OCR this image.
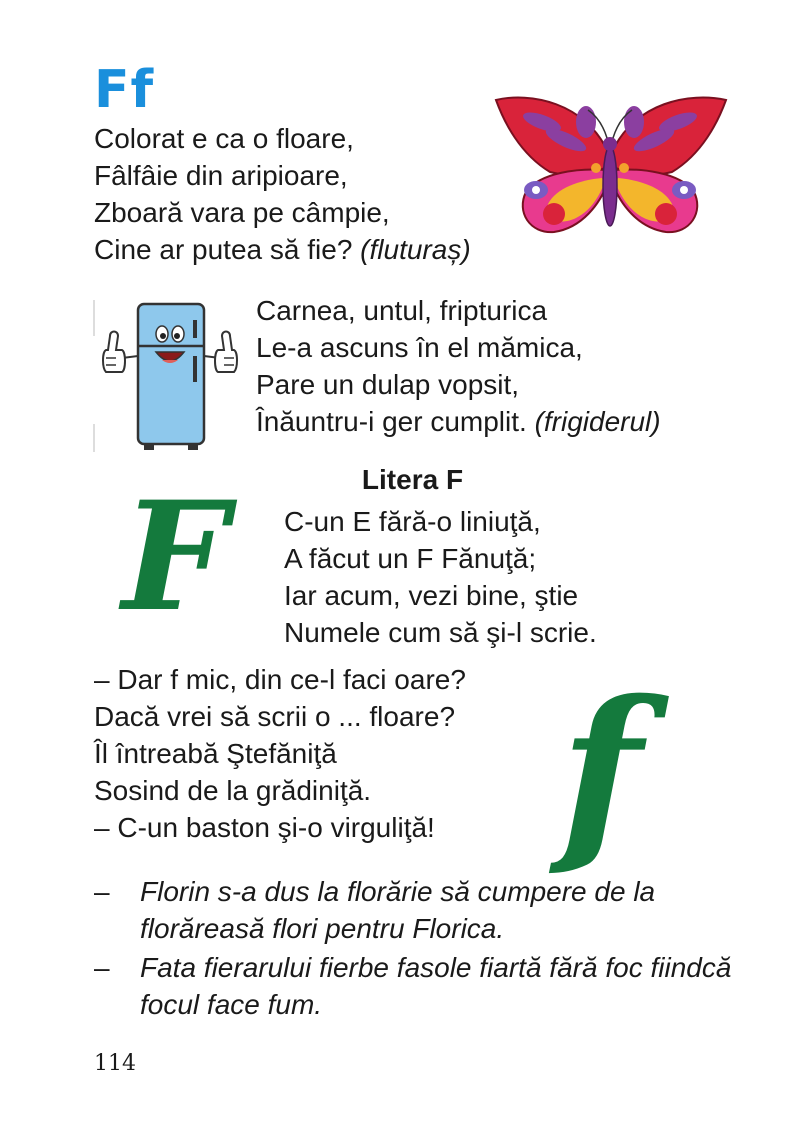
Ff
Colorat e ca o floare,
Fâlfâie din aripioare,
Zboară vara pe câmpie,
Cine ar putea să fie? (fluturaș)
Carnea, untul, fripturica
Le-a ascuns în el mămica,
Pare un dulap vopsit,
Înăuntru-i ger cumplit. (frigiderul)
Litera F
F C-un E fără-o liniuţă,
A făcut un F Fănuţă;
Iar acum, vezi bine, ştie
Numele cum să şi-l scrie.
– Dar f mic, din ce-l faci oare?
Dacă vrei să scrii o ... floare?
Îl întreabă Ştefăniţă
Sosind de la grădiniţă.
– C-un baston şi-o virguliţă! f
– Florin s-a dus la florărie să cumpere de la florăreasă flori pentru Florica.
– Fata fierarului fierbe fasole fiartă fără foc fiindcă focul face fum.
114
